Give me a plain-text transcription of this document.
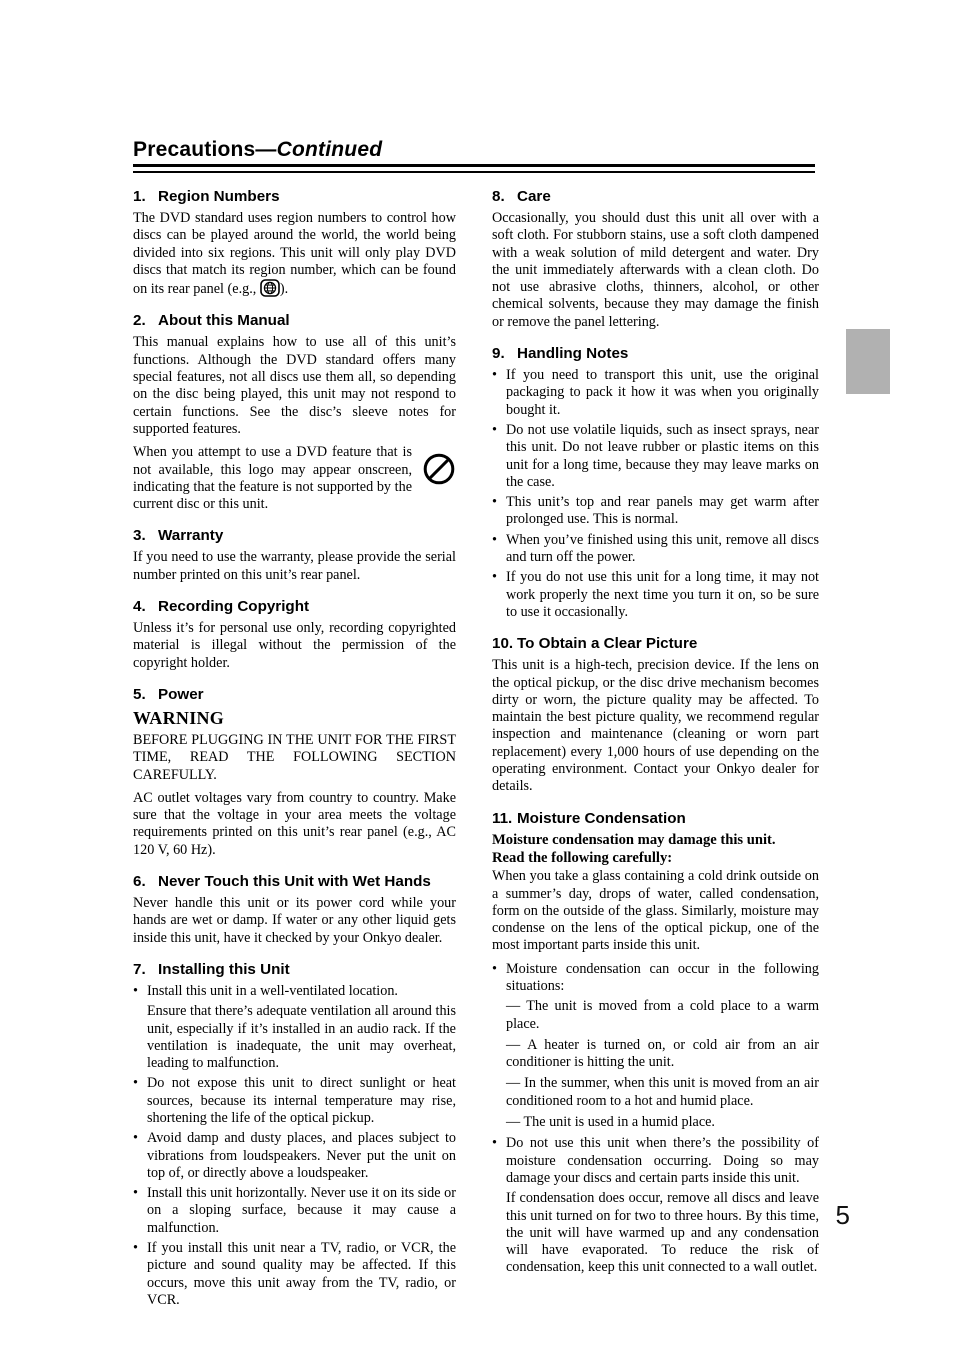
Precautions—Continued
1. Region Numbers
The DVD standard uses region numbers to control how discs can be played around the world, the world being divided into six regions. This unit will only play DVD discs that match its region number, which can be found on its rear panel (e.g., ).
2. About this Manual
This manual explains how to use all of this unit’s functions. Although the DVD standard offers many special features, not all discs use them all, so depending on the disc being played, this unit may not respond to certain functions. See the disc’s sleeve notes for supported features.
When you attempt to use a DVD feature that is not available, this logo may appear onscreen, indicating that the feature is not supported by the current disc or this unit.
3. Warranty
If you need to use the warranty, please provide the serial number printed on this unit’s rear panel.
4. Recording Copyright
Unless it’s for personal use only, recording copyrighted material is illegal without the permission of the copyright holder.
5. Power
WARNING
BEFORE PLUGGING IN THE UNIT FOR THE FIRST TIME, READ THE FOLLOWING SECTION CAREFULLY.
AC outlet voltages vary from country to country. Make sure that the voltage in your area meets the voltage requirements printed on this unit’s rear panel (e.g., AC 120 V, 60 Hz).
6. Never Touch this Unit with Wet Hands
Never handle this unit or its power cord while your hands are wet or damp. If water or any other liquid gets inside this unit, have it checked by your Onkyo dealer.
7. Installing this Unit
• Install this unit in a well-ventilated location.
Ensure that there’s adequate ventilation all around this unit, especially if it’s installed in an audio rack. If the ventilation is inadequate, the unit may overheat, leading to malfunction.
• Do not expose this unit to direct sunlight or heat sources, because its internal temperature may rise, shortening the life of the optical pickup.
• Avoid damp and dusty places, and places subject to vibrations from loudspeakers. Never put the unit on top of, or directly above a loudspeaker.
• Install this unit horizontally. Never use it on its side or on a sloping surface, because it may cause a malfunction.
• If you install this unit near a TV, radio, or VCR, the picture and sound quality may be affected. If this occurs, move this unit away from the TV, radio, or VCR.
8. Care
Occasionally, you should dust this unit all over with a soft cloth. For stubborn stains, use a soft cloth dampened with a weak solution of mild detergent and water. Dry the unit immediately afterwards with a clean cloth. Do not use abrasive cloths, thinners, alcohol, or other chemical solvents, because they may damage the finish or remove the panel lettering.
9. Handling Notes
• If you need to transport this unit, use the original packaging to pack it how it was when you originally bought it.
• Do not use volatile liquids, such as insect sprays, near this unit. Do not leave rubber or plastic items on this unit for a long time, because they may leave marks on the case.
• This unit’s top and rear panels may get warm after prolonged use. This is normal.
• When you’ve finished using this unit, remove all discs and turn off the power.
• If you do not use this unit for a long time, it may not work properly the next time you turn it on, so be sure to use it occasionally.
10. To Obtain a Clear Picture
This unit is a high-tech, precision device. If the lens on the optical pickup, or the disc drive mechanism becomes dirty or worn, the picture quality may be affected. To maintain the best picture quality, we recommend regular inspection and maintenance (cleaning or worn part replacement) every 1,000 hours of use depending on the operating environment. Contact your Onkyo dealer for details.
11. Moisture Condensation
Moisture condensation may damage this unit.
Read the following carefully:
When you take a glass containing a cold drink outside on a summer’s day, drops of water, called condensation, form on the outside of the glass. Similarly, moisture may condense on the lens of the optical pickup, one of the most important parts inside this unit.
• Moisture condensation can occur in the following situations:
— The unit is moved from a cold place to a warm place.
— A heater is turned on, or cold air from an air conditioner is hitting the unit.
— In the summer, when this unit is moved from an air conditioned room to a hot and humid place.
— The unit is used in a humid place.
• Do not use this unit when there’s the possibility of moisture condensation occurring. Doing so may damage your discs and certain parts inside this unit.
If condensation does occur, remove all discs and leave this unit turned on for two to three hours. By this time, the unit will have warmed up and any condensation will have evaporated. To reduce the risk of condensation, keep this unit connected to a wall outlet.
5
